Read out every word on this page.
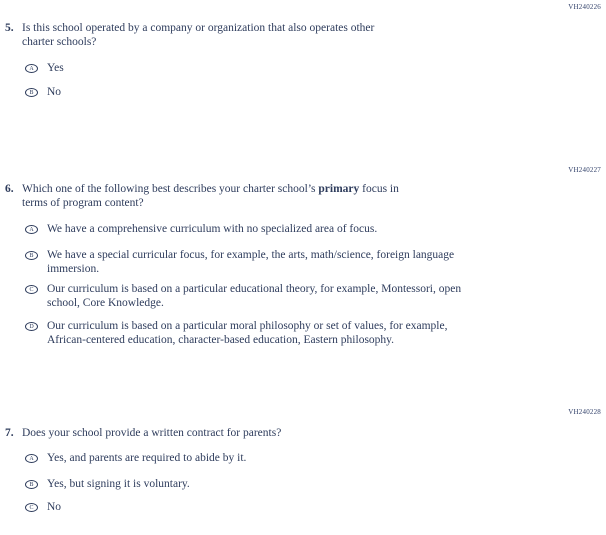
VH240226
5. Is this school operated by a company or organization that also operates other
charter schools?
A Yes
B No
VH240227
6. Which one of the following best describes your charter school’s primary focus in
terms of program content?
A We have a comprehensive curriculum with no specialized area of focus.
B We have a special curricular focus, for example, the arts, math/science, foreign language
immersion.
C Our curriculum is based on a particular educational theory, for example, Montessori, open
school, Core Knowledge.
D Our curriculum is based on a particular moral philosophy or set of values, for example,
African-centered education, character-based education, Eastern philosophy.
VH240228
7. Does your school provide a written contract for parents?
A Yes, and parents are required to abide by it.
B Yes, but signing it is voluntary.
C No
